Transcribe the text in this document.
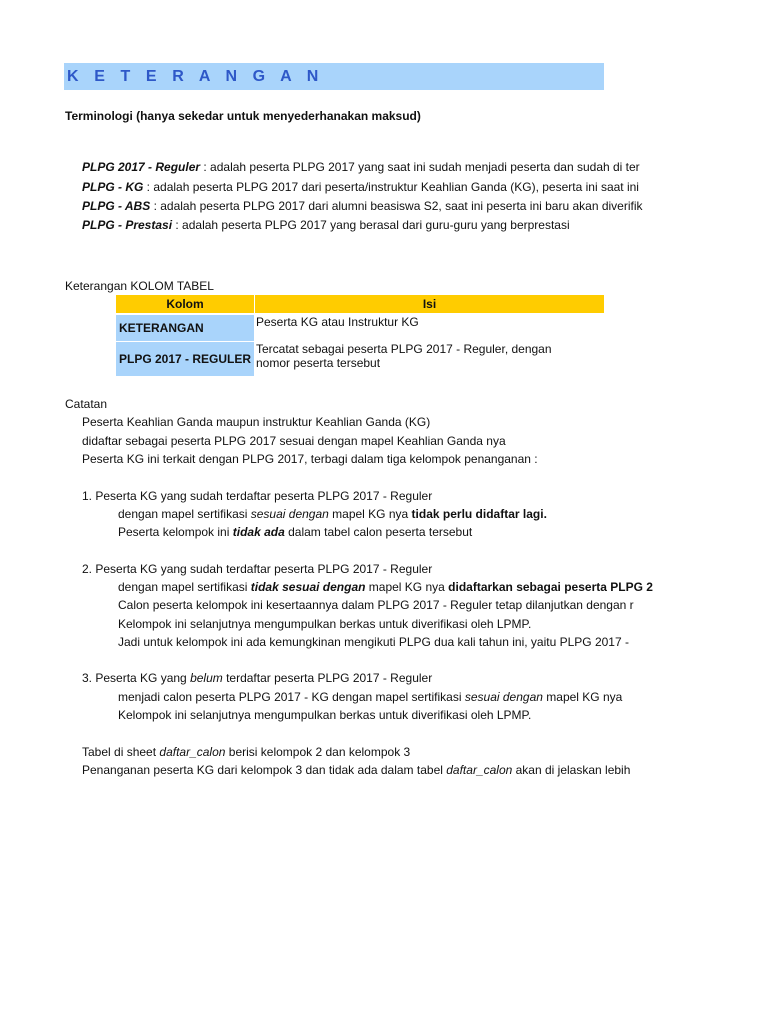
K E T E R A N G A N
Terminologi (hanya sekedar untuk menyederhanakan maksud)
PLPG 2017 - Reguler : adalah peserta PLPG 2017 yang saat ini sudah menjadi peserta dan sudah di ter
PLPG - KG : adalah peserta PLPG 2017 dari peserta/instruktur Keahlian Ganda (KG), peserta ini saat ini
PLPG - ABS : adalah peserta PLPG 2017 dari alumni beasiswa S2, saat ini peserta ini baru akan diverifik
PLPG - Prestasi : adalah peserta PLPG 2017 yang berasal dari guru-guru yang berprestasi
Keterangan KOLOM TABEL
Kolom	Isi
KETERANGAN	Peserta KG atau Instruktur KG
PLPG 2017 - REGULER
Tercatat sebagai peserta PLPG 2017 - Reguler, dengan
nomor peserta tersebut
Catatan
Peserta Keahlian Ganda maupun instruktur Keahlian Ganda (KG)
didaftar sebagai peserta PLPG 2017 sesuai dengan mapel Keahlian Ganda nya
Peserta KG ini terkait dengan PLPG 2017, terbagi dalam tiga kelompok penanganan :
1. Peserta KG yang sudah terdaftar peserta PLPG 2017 - Reguler
dengan mapel sertifikasi sesuai dengan mapel KG nya tidak perlu didaftar lagi.
Peserta kelompok ini tidak ada dalam tabel calon peserta tersebut
2. Peserta KG yang sudah terdaftar peserta PLPG 2017 - Reguler
dengan mapel sertifikasi tidak sesuai dengan mapel KG nya didaftarkan sebagai peserta PLPG 2
Calon peserta kelompok ini kesertaannya dalam PLPG 2017 - Reguler tetap dilanjutkan dengan r
Kelompok ini selanjutnya mengumpulkan berkas untuk diverifikasi oleh LPMP.
Jadi untuk kelompok ini ada kemungkinan mengikuti PLPG dua kali tahun ini, yaitu PLPG 2017 -
3. Peserta KG yang belum terdaftar peserta PLPG 2017 - Reguler
menjadi calon peserta PLPG 2017 - KG dengan mapel sertifikasi sesuai dengan mapel KG nya
Kelompok ini selanjutnya mengumpulkan berkas untuk diverifikasi oleh LPMP.
Tabel di sheet daftar_calon berisi kelompok 2 dan kelompok 3
Penanganan peserta KG dari kelompok 3 dan tidak ada dalam tabel daftar_calon akan di jelaskan lebih
